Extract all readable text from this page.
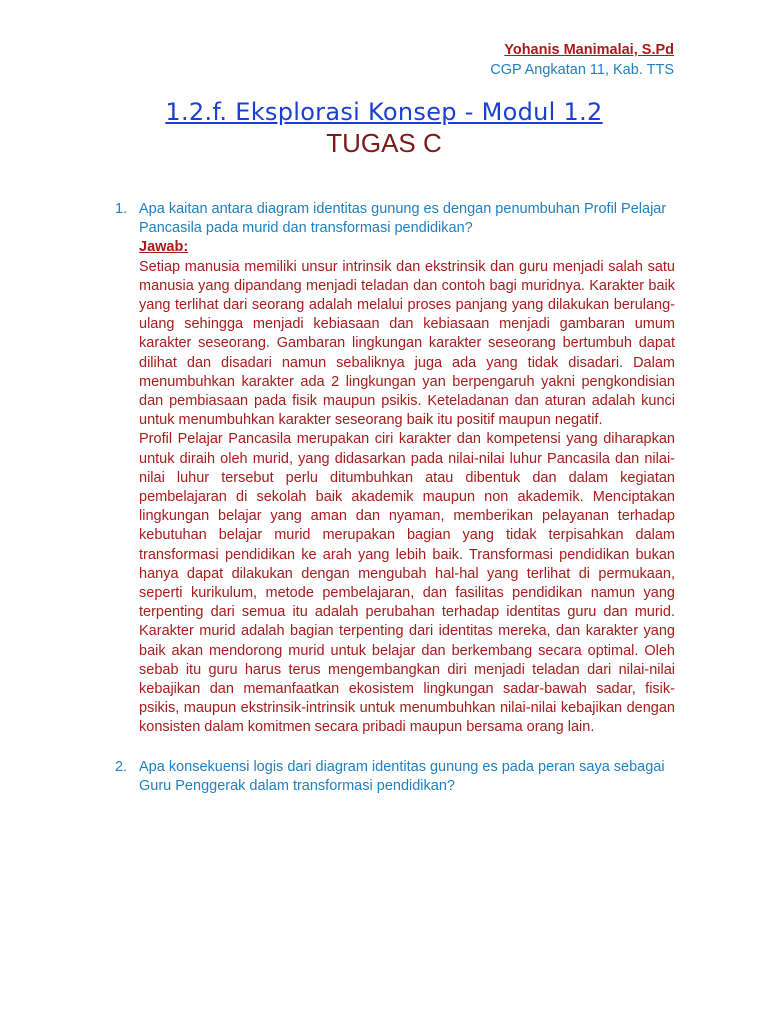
Yohanis Manimalai, S.Pd
CGP Angkatan 11, Kab. TTS
1.2.f. Eksplorasi Konsep - Modul 1.2
TUGAS C
1. Apa kaitan antara diagram identitas gunung es dengan penumbuhan Profil Pelajar Pancasila pada murid dan transformasi pendidikan?
Jawab:

Setiap manusia memiliki unsur intrinsik dan ekstrinsik dan guru menjadi salah satu manusia yang dipandang menjadi teladan dan contoh bagi muridnya. Karakter baik yang terlihat dari seorang adalah melalui proses panjang yang dilakukan berulang-ulang sehingga menjadi kebiasaan dan kebiasaan menjadi gambaran umum karakter seseorang. Gambaran lingkungan karakter seseorang bertumbuh dapat dilihat dan disadari namun sebaliknya juga ada yang tidak disadari. Dalam menumbuhkan karakter ada 2 lingkungan yan berpengaruh yakni pengkondisian dan pembiasaan pada fisik maupun psikis. Keteladanan dan aturan adalah kunci untuk menumbuhkan karakter seseorang baik itu positif maupun negatif.

Profil Pelajar Pancasila merupakan ciri karakter dan kompetensi yang diharapkan untuk diraih oleh murid, yang didasarkan pada nilai-nilai luhur Pancasila dan nilai-nilai luhur tersebut perlu ditumbuhkan atau dibentuk dan dalam kegiatan pembelajaran di sekolah baik akademik maupun non akademik. Menciptakan lingkungan belajar yang aman dan nyaman, memberikan pelayanan terhadap kebutuhan belajar murid merupakan bagian yang tidak terpisahkan dalam transformasi pendidikan ke arah yang lebih baik. Transformasi pendidikan bukan hanya dapat dilakukan dengan mengubah hal-hal yang terlihat di permukaan, seperti kurikulum, metode pembelajaran, dan fasilitas pendidikan namun yang terpenting dari semua itu adalah perubahan terhadap identitas guru dan murid. Karakter murid adalah bagian terpenting dari identitas mereka, dan karakter yang baik akan mendorong murid untuk belajar dan berkembang secara optimal. Oleh sebab itu guru harus terus mengembangkan diri menjadi teladan dari nilai-nilai kebajikan dan memanfaatkan ekosistem lingkungan sadar-bawah sadar, fisik-psikis, maupun ekstrinsik-intrinsik untuk menumbuhkan nilai-nilai kebajikan dengan konsisten dalam komitmen secara pribadi maupun bersama orang lain.

2. Apa konsekuensi logis dari diagram identitas gunung es pada peran saya sebagai Guru Penggerak dalam transformasi pendidikan?
